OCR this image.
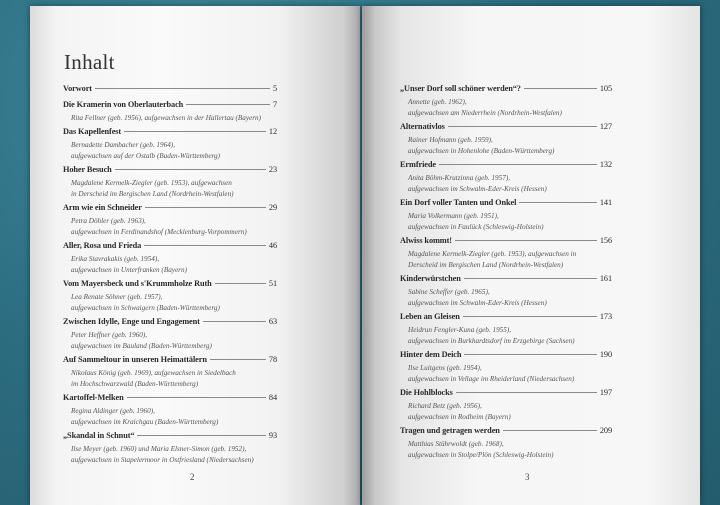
Inhalt
Vorwort	5
Die Kramerin von Oberlauterbach	7
Rita Fellner (geb. 1956), aufgewachsen in der Hallertau (Bayern)
Das Kapellenfest	12
Bernadette Dambacher (geb. 1964),
aufgewachsen auf der Ostalb (Baden-Württemberg)
Hoher Besuch	23
Magdalene Kermelk-Ziegler (geb. 1953), aufgewachsen
in Derscheid im Bergischen Land (Nordrhein-Westfalen)
Arm wie ein Schneider	29
Petra Döhler (geb. 1963),
aufgewachsen in Ferdinandshof (Mecklenburg-Vorpommern)
Aller, Rosa und Frieda	46
Erika Stavrakakis (geb. 1954),
aufgewachsen in Unterfranken (Bayern)
Vom Mayersbeck und s'Krummholze Ruth	51
Lea Renate Söhner (geb. 1957),
aufgewachsen in Schwaigern (Baden-Württemberg)
Zwischen Idylle, Enge und Engagement	63
Peter Heffner (geb. 1960),
aufgewachsen im Bauland (Baden-Württemberg)
Auf Sammeltour in unseren Heimattälern	78
Nikolaus König (geb. 1969), aufgewachsen in Siedelbach
im Hochschwarzwald (Baden-Württemberg)
Kartoffel-Melken	84
Regina Aldinger (geb. 1960),
aufgewachsen im Kraichgau (Baden-Württemberg)
„Skandal in Schnut“	93
Ilse Meyer (geb. 1960) und Maria Elsner-Simon (geb. 1952),
aufgewachsen in Stapelermoor in Ostfriesland (Niedersachsen)
2
„Unser Dorf soll schöner werden“?	105
Annette (geb. 1962),
aufgewachsen am Niederrhein (Nordrhein-Westfalen)
Alternativlos	127
Rainer Hofmann (geb. 1959),
aufgewachsen in Hohenlohe (Baden-Württemberg)
Ermfriede	132
Anita Böhm-Krutzinna (geb. 1957),
aufgewachsen im Schwalm-Eder-Kreis (Hessen)
Ein Dorf voller Tanten und Onkel	141
Maria Volkermann (geb. 1951),
aufgewachsen in Faulück (Schleswig-Holstein)
Alwiss kommt!	156
Magdalene Kermelk-Ziegler (geb. 1953), aufgewachsen in
Derscheid im Bergischen Land (Nordrhein-Westfalen)
Kinderwürstchen	161
Sabine Scheffer (geb. 1965),
aufgewachsen im Schwalm-Eder-Kreis (Hessen)
Leben an Gleisen	173
Heidrun Fengler-Kuna (geb. 1955),
aufgewachsen in Burkhardtsdorf im Erzgebirge (Sachsen)
Hinter dem Deich	190
Ilse Luitgens (geb. 1954),
aufgewachsen in Vellage im Rheiderland (Niedersachsen)
Die Hohlblocks	197
Richard Betz (geb. 1956),
aufgewachsen in Rodheim (Bayern)
Tragen und getragen werden	209
Matthias Stührwoldt (geb. 1968),
aufgewachsen in Stolpe/Plön (Schleswig-Holstein)
3
